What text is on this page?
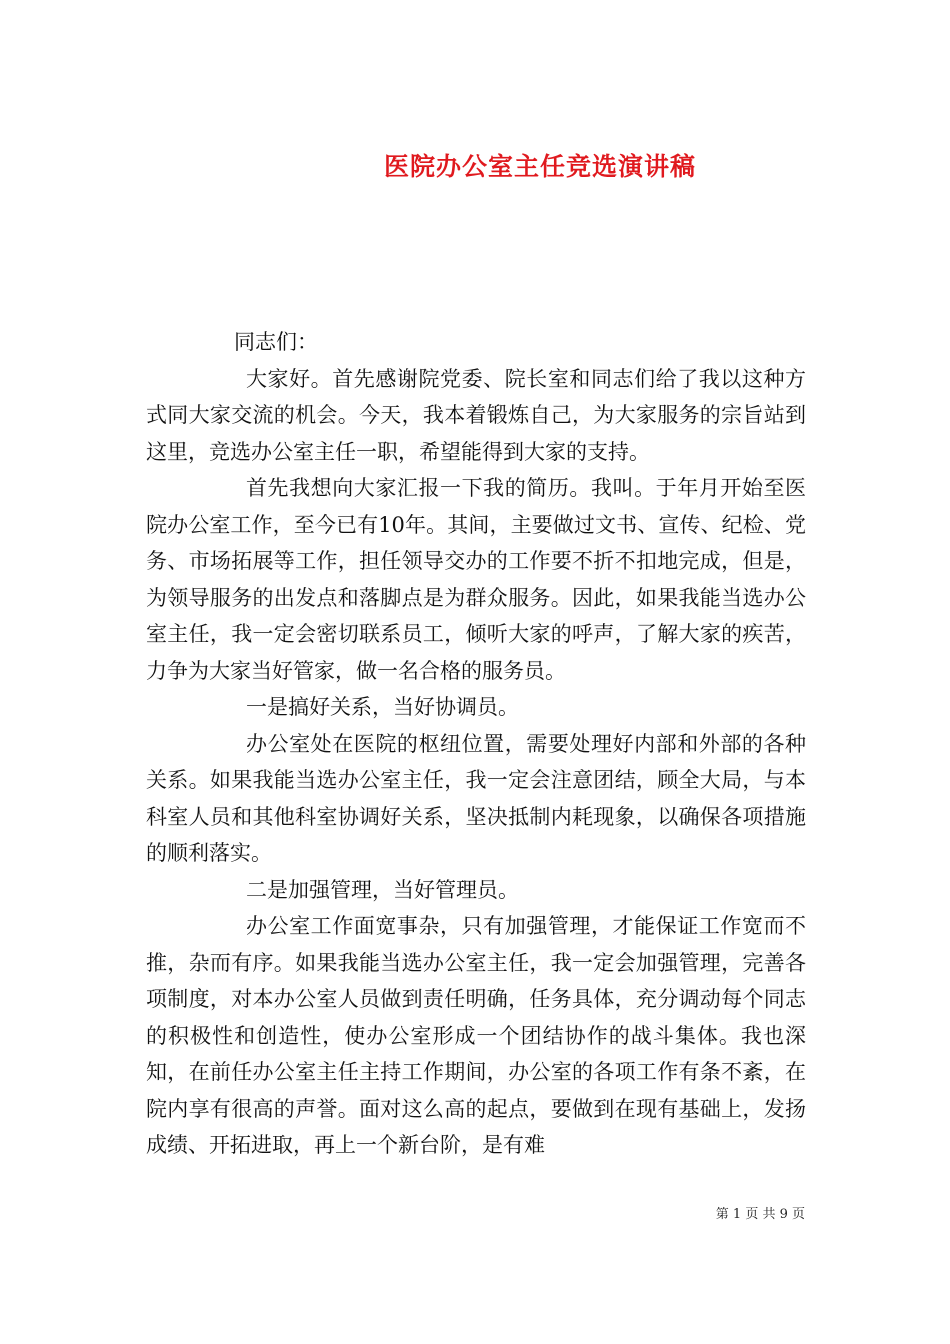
医院办公室主任竞选演讲稿

同志们：

大家好。首先感谢院党委、院长室和同志们给了我以这种方式同大家交流的机会。今天，我本着锻炼自己，为大家服务的宗旨站到这里，竞选办公室主任一职，希望能得到大家的支持。

首先我想向大家汇报一下我的简历。我叫。于年月开始至医院办公室工作，至今已有10年。其间，主要做过文书、宣传、纪检、党务、市场拓展等工作，担任领导交办的工作要不折不扣地完成，但是，为领导服务的出发点和落脚点是为群众服务。因此，如果我能当选办公室主任，我一定会密切联系员工，倾听大家的呼声，了解大家的疾苦，力争为大家当好管家，做一名合格的服务员。

一是搞好关系，当好协调员。

办公室处在医院的枢纽位置，需要处理好内部和外部的各种关系。如果我能当选办公室主任，我一定会注意团结，顾全大局，与本科室人员和其他科室协调好关系，坚决抵制内耗现象，以确保各项措施的顺利落实。

二是加强管理，当好管理员。

办公室工作面宽事杂，只有加强管理，才能保证工作宽而不推，杂而有序。如果我能当选办公室主任，我一定会加强管理，完善各项制度，对本办公室人员做到责任明确，任务具体，充分调动每个同志的积极性和创造性，使办公室形成一个团结协作的战斗集体。我也深知，在前任办公室主任主持工作期间，办公室的各项工作有条不紊，在院内享有很高的声誉。面对这么高的起点，要做到在现有基础上，发扬成绩、开拓进取，再上一个新台阶，是有难

第 1 页 共 9 页
